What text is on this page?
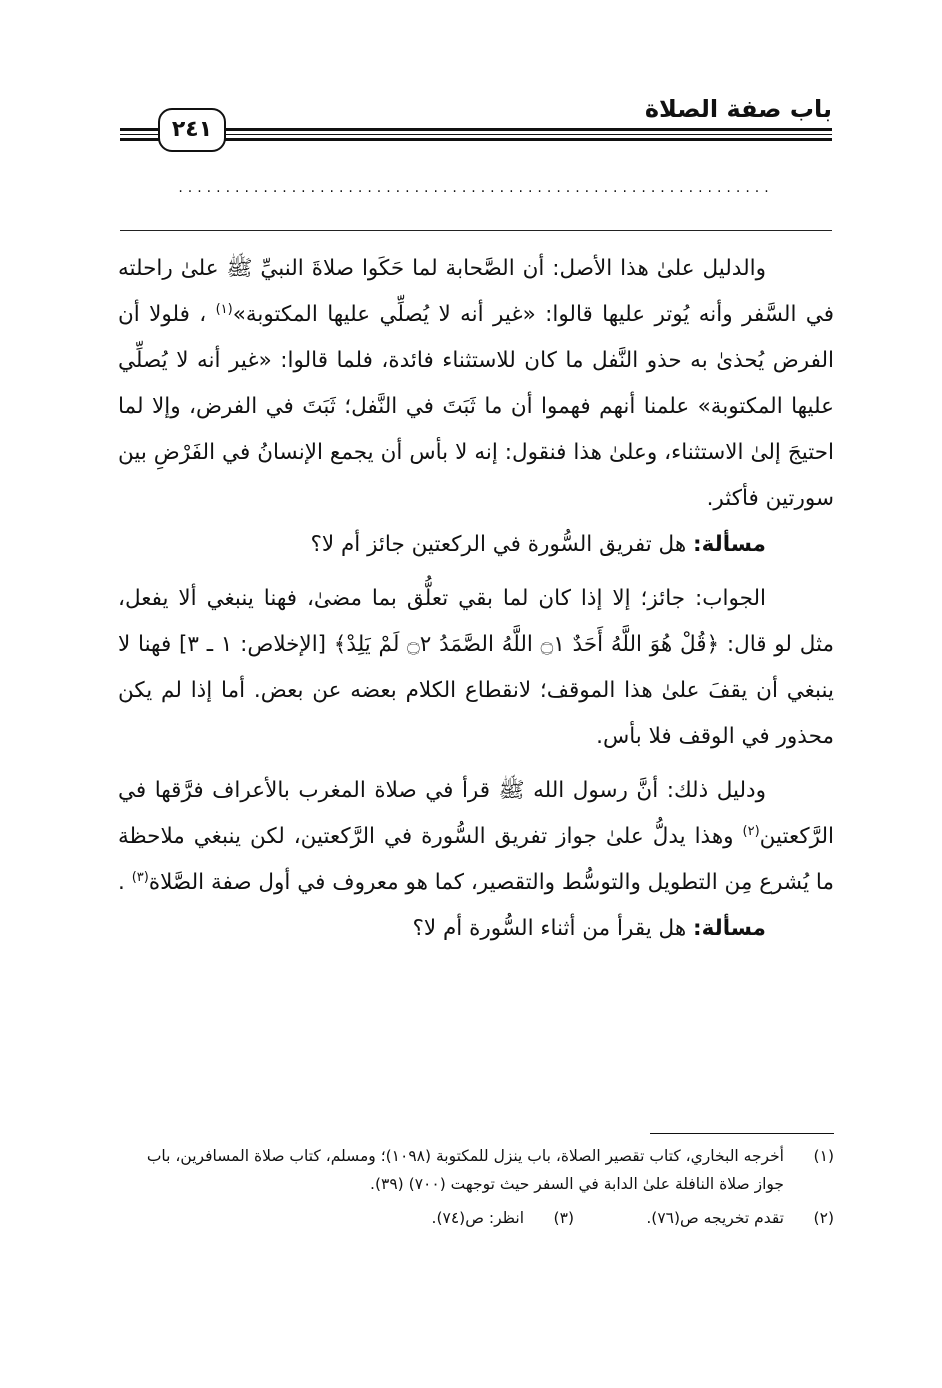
باب صفة الصلاة
٢٤١
...............................................................

والدليل علىٰ هذا الأصل: أن الصَّحابة لما حَكَوا صلاةَ النبيِّ ﷺ علىٰ راحلته في السَّفر وأنه يُوتر عليها قالوا: «غير أنه لا يُصلِّي عليها المكتوبة»$^{(١)}$ ، فلولا أن الفرض يُحذىٰ به حذو النَّفل ما كان للاستثناء فائدة، فلما قالوا: «غير أنه لا يُصلِّي عليها المكتوبة» علمنا أنهم فهموا أن ما ثَبَتَ في النَّفل؛ ثَبَتَ في الفرض، وإلا لما احتيجَ إلىٰ الاستثناء، وعلىٰ هذا فنقول: إنه لا بأس أن يجمع الإنسانُ في الفَرْضِ بين سورتين فأكثر.

مسألة: هل تفريق السُّورة في الركعتين جائز أم لا؟

الجواب: جائز؛ إلا إذا كان لما بقي تعلُّق بما مضىٰ، فهنا ينبغي ألا يفعل، مثل لو قال: ﴿قُلْ هُوَ اللَّهُ أَحَدٌ ۝١ اللَّهُ الصَّمَدُ ۝٢ لَمْ يَلِدْ﴾ [الإخلاص: ١ ـ ٣] فهنا لا ينبغي أن يقفَ علىٰ هذا الموقف؛ لانقطاع الكلام بعضه عن بعض. أما إذا لم يكن محذور في الوقف فلا بأس.

ودليل ذلك: أنَّ رسول الله ﷺ قرأ في صلاة المغرب بالأعراف فرَّقها في الرَّكعتين$^{(٢)}$ وهذا يدلُّ علىٰ جواز تفريق السُّورة في الرَّكعتين، لكن ينبغي ملاحظة ما يُشرع مِن التطويل والتوسُّط والتقصير، كما هو معروف في أول صفة الصَّلاة$^{(٣)}$ .

مسألة: هل يقرأ من أثناء السُّورة أم لا؟

(١)
أخرجه البخاري، كتاب تقصير الصلاة، باب ينزل للمكتوبة (١٠٩٨)؛ ومسلم، كتاب صلاة المسافرين، باب جواز صلاة النافلة علىٰ الدابة في السفر حيث توجهت (٧٠٠) (٣٩).
(٢)
تقدم تخريجه ص(٧٦).
(٣)
انظر: ص(٧٤).
